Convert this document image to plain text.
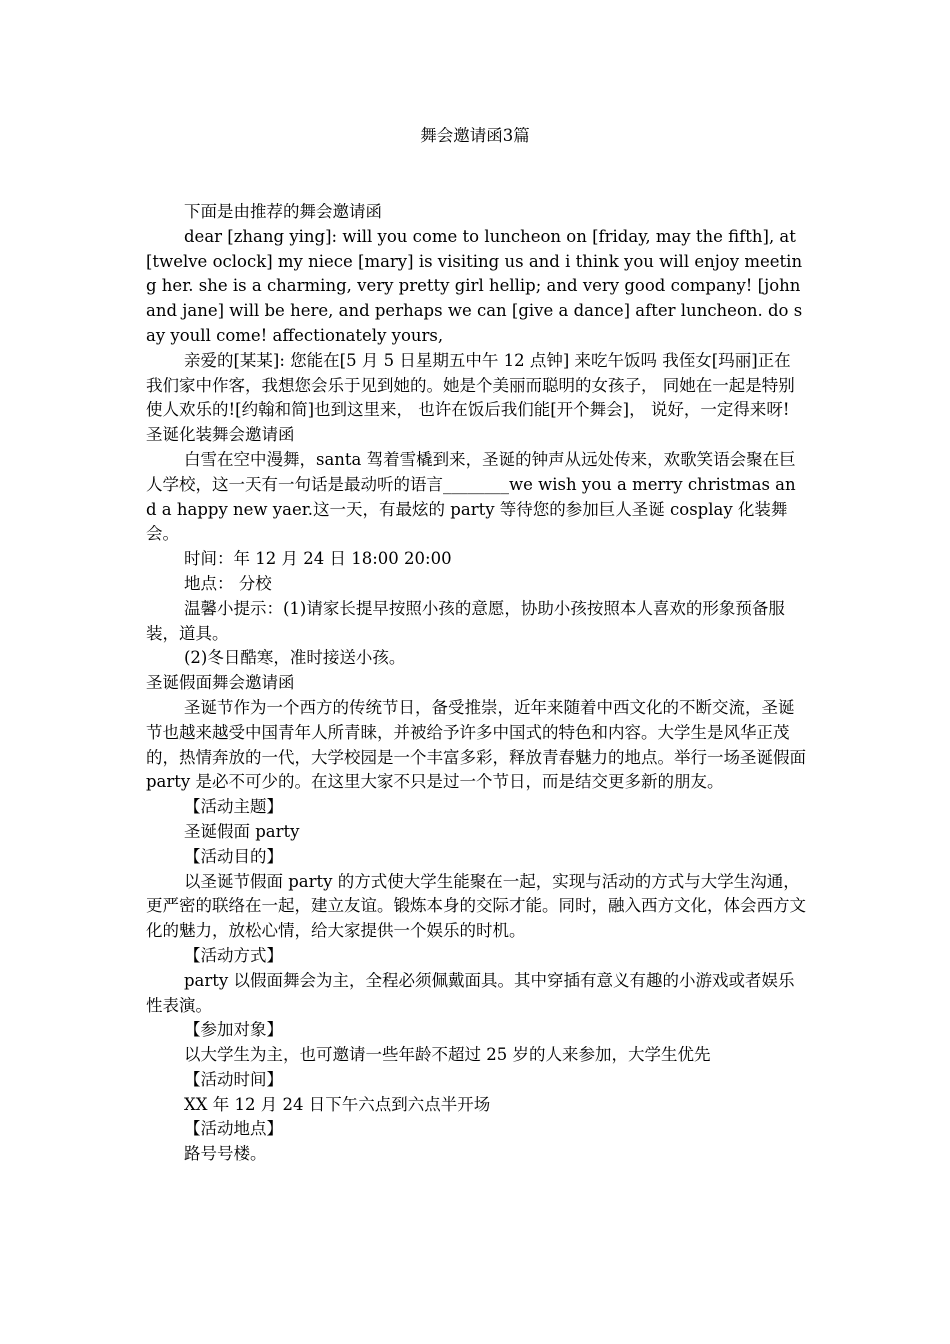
舞会邀请函3篇

下面是由推荐的舞会邀请函

dear [zhang ying]: will you come to luncheon on [friday, may the fifth], at [twelve oclock] my niece [mary] is visiting us and i think you will enjoy meeting her. she is a charming, very pretty girl hellip; and very good company! [john and jane] will be here, and perhaps we can [give a dance] after luncheon. do say youll come! affectionately yours,

亲爱的[某某]: 您能在[5 月 5 日星期五中午 12 点钟] 来吃午饭吗 我侄女[玛丽]正在我们家中作客，我想您会乐于见到她的。她是个美丽而聪明的女孩子， 同她在一起是特别使人欢乐的![约翰和简]也到这里来， 也许在饭后我们能[开个舞会]， 说好，一定得来呀!

圣诞化装舞会邀请函

白雪在空中漫舞，santa 驾着雪橇到来，圣诞的钟声从远处传来，欢歌笑语会聚在巨人学校，这一天有一句话是最动听的语言________we wish you a merry christmas and a happy new yaer.这一天，有最炫的 party 等待您的参加巨人圣诞 cosplay 化装舞会。

时间：年 12 月 24 日 18:00 20:00

地点： 分校

温馨小提示：(1)请家长提早按照小孩的意愿，协助小孩按照本人喜欢的形象预备服装，道具。

(2)冬日酷寒，准时接送小孩。

圣诞假面舞会邀请函

圣诞节作为一个西方的传统节日，备受推崇，近年来随着中西文化的不断交流，圣诞节也越来越受中国青年人所青睐，并被给予许多中国式的特色和内容。大学生是风华正茂的，热情奔放的一代，大学校园是一个丰富多彩，释放青春魅力的地点。举行一场圣诞假面 party 是必不可少的。在这里大家不只是过一个节日，而是结交更多新的朋友。

【活动主题】

圣诞假面 party

【活动目的】

以圣诞节假面 party 的方式使大学生能聚在一起，实现与活动的方式与大学生沟通，更严密的联络在一起，建立友谊。锻炼本身的交际才能。同时，融入西方文化，体会西方文化的魅力，放松心情，给大家提供一个娱乐的时机。

【活动方式】

party 以假面舞会为主，全程必须佩戴面具。其中穿插有意义有趣的小游戏或者娱乐性表演。

【参加对象】

以大学生为主，也可邀请一些年龄不超过 25 岁的人来参加，大学生优先

【活动时间】

XX 年 12 月 24 日下午六点到六点半开场

【活动地点】

路号号楼。
